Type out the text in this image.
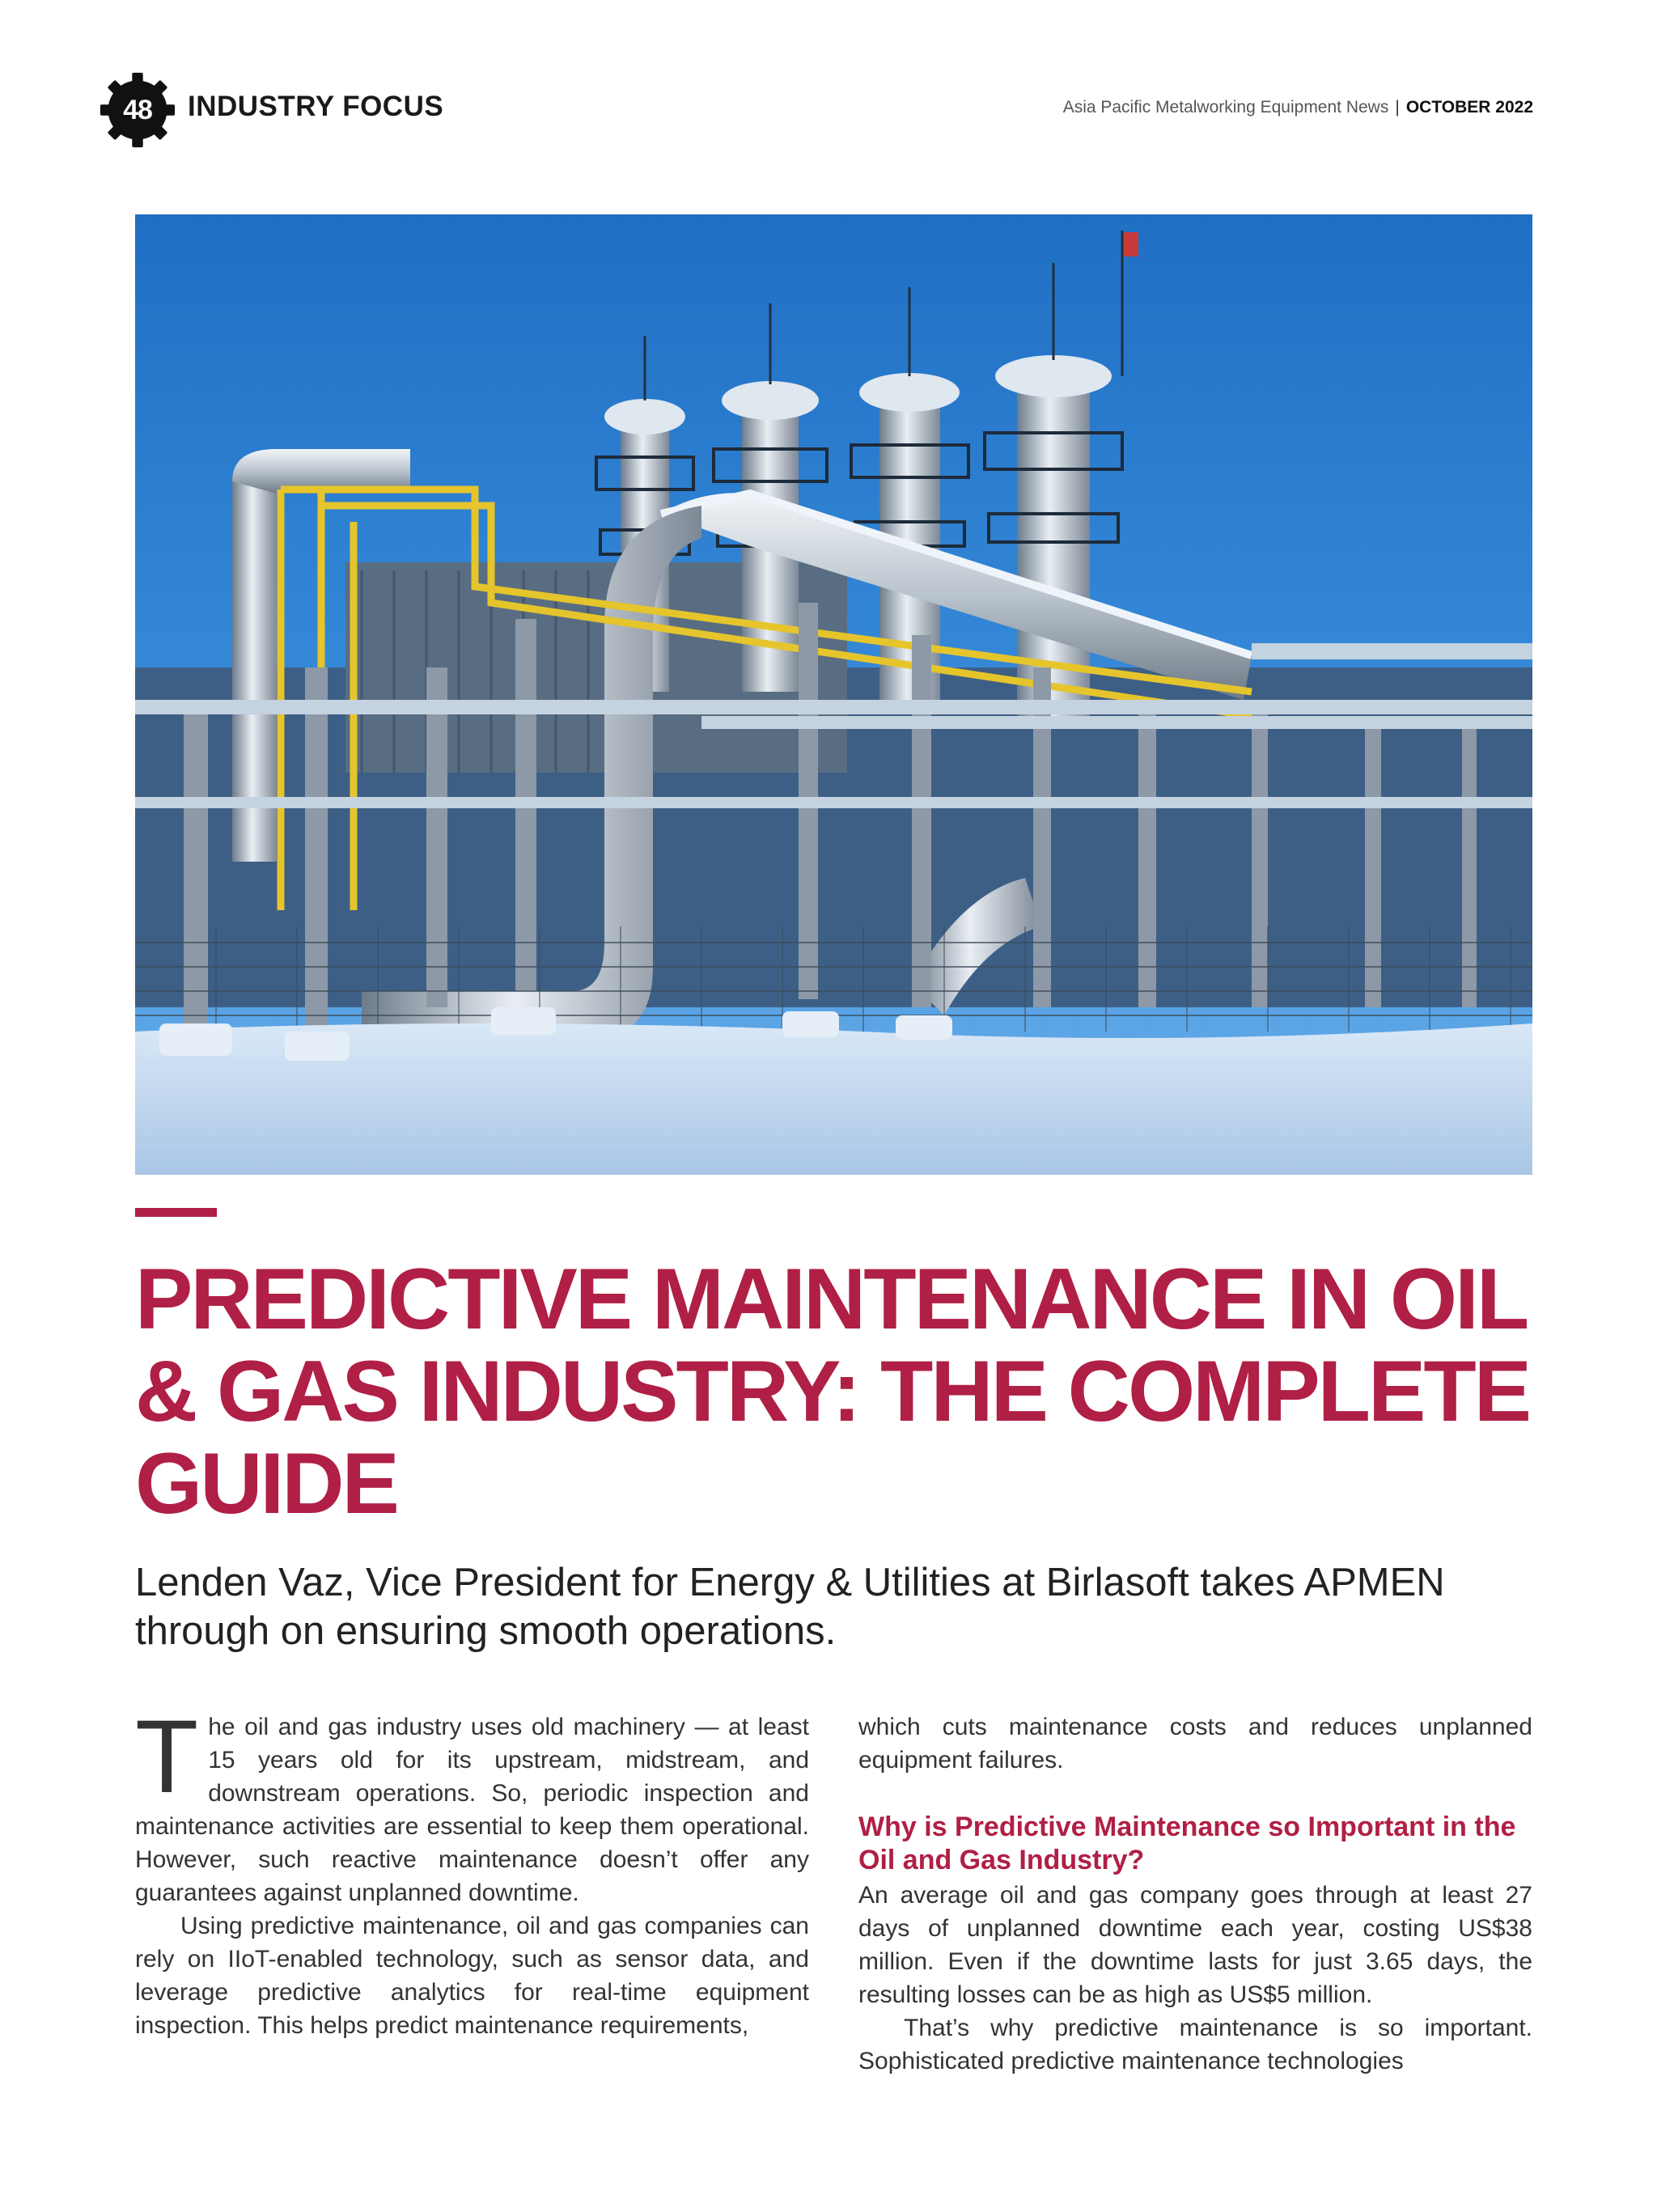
48	INDUSTRY FOCUS	Asia Pacific Metalworking Equipment News | OCTOBER 2022
PREDICTIVE MAINTENANCE IN OIL & GAS INDUSTRY: THE COMPLETE GUIDE

Lenden Vaz, Vice President for Energy & Utilities at Birlasoft takes APMEN through on ensuring smooth operations.

The oil and gas industry uses old machinery — at least 15 years old for its upstream, midstream, and downstream operations. So, periodic inspection and maintenance activities are essential to keep them operational. However, such reactive maintenance doesn’t offer any guarantees against unplanned downtime.

Using predictive maintenance, oil and gas companies can rely on IIoT-enabled technology, such as sensor data, and leverage predictive analytics for real-time equipment inspection. This helps predict maintenance requirements,

which cuts maintenance costs and reduces unplanned equipment failures.

Why is Predictive Maintenance so Important in the Oil and Gas Industry?

An average oil and gas company goes through at least 27 days of unplanned downtime each year, costing US$38 million. Even if the downtime lasts for just 3.65 days, the resulting losses can be as high as US$5 million.

That’s why predictive maintenance is so important. Sophisticated predictive maintenance technologies
